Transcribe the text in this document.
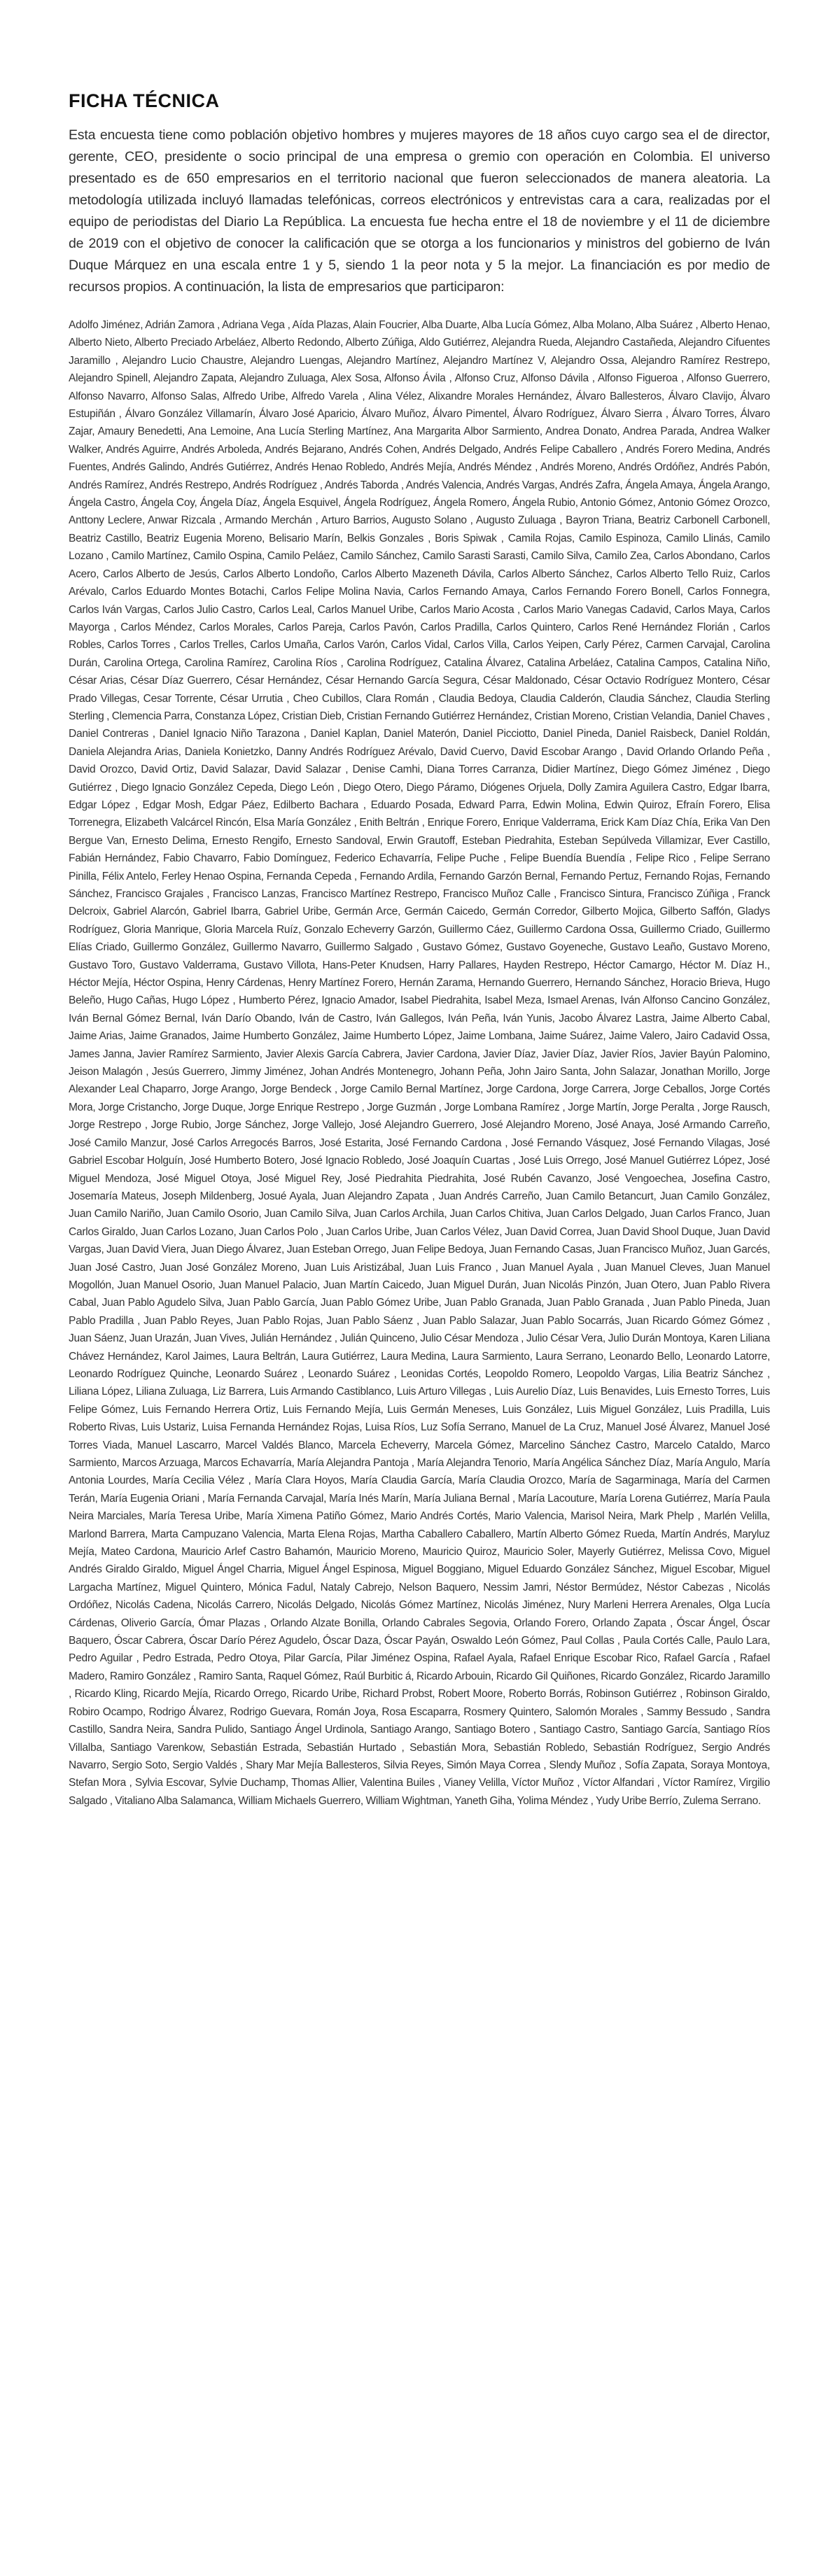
FICHA TÉCNICA

Esta encuesta tiene como población objetivo hombres y mujeres mayores de 18 años cuyo cargo sea el de director, gerente, CEO, presidente o socio principal de una empresa o gremio con operación en Colombia. El universo presentado es de 650 empresarios en el territorio nacional que fueron seleccionados de manera aleatoria. La metodología utilizada incluyó llamadas telefónicas, correos electrónicos y entrevistas cara a cara, realizadas por el equipo de periodistas del Diario La República. La encuesta fue hecha entre el 18 de noviembre y el 11 de diciembre de 2019 con el objetivo de conocer la calificación que se otorga a los funcionarios y ministros del gobierno de Iván Duque Márquez en una escala entre 1 y 5, siendo 1 la peor nota y 5 la mejor. La financiación es por medio de recursos propios. A continuación, la lista de empresarios que participaron:

Adolfo Jiménez, Adrián Zamora , Adriana Vega , Aída Plazas, Alain Foucrier, Alba Duarte, Alba Lucía Gómez, Alba Molano, Alba Suárez , Alberto Henao, Alberto Nieto, Alberto Preciado Arbeláez, Alberto Redondo, Alberto Zúñiga, Aldo Gutiérrez, Alejandra Rueda, Alejandro Castañeda, Alejandro Cifuentes Jaramillo , Alejandro Lucio Chaustre, Alejandro Luengas, Alejandro Martínez, Alejandro Martínez V, Alejandro Ossa, Alejandro Ramírez Restrepo, Alejandro Spinell, Alejandro Zapata, Alejandro Zuluaga, Alex Sosa, Alfonso Ávila , Alfonso Cruz, Alfonso Dávila , Alfonso Figueroa , Alfonso Guerrero, Alfonso Navarro, Alfonso Salas, Alfredo Uribe, Alfredo Varela , Alina Vélez, Alixandre Morales Hernández, Álvaro Ballesteros, Álvaro Clavijo, Álvaro Estupiñán , Álvaro González Villamarín, Álvaro José Aparicio, Álvaro Muñoz, Álvaro Pimentel, Álvaro Rodríguez, Álvaro Sierra , Álvaro Torres, Álvaro Zajar, Amaury Benedetti, Ana Lemoine, Ana Lucía Sterling Martínez, Ana Margarita Albor Sarmiento, Andrea Donato, Andrea Parada, Andrea Walker Walker, Andrés Aguirre, Andrés Arboleda, Andrés Bejarano, Andrés Cohen, Andrés Delgado, Andrés Felipe Caballero , Andrés Forero Medina, Andrés Fuentes, Andrés Galindo, Andrés Gutiérrez, Andrés Henao Robledo, Andrés Mejía, Andrés Méndez , Andrés Moreno, Andrés Ordóñez, Andrés Pabón, Andrés Ramírez, Andrés Restrepo, Andrés Rodríguez , Andrés Taborda , Andrés Valencia, Andrés Vargas, Andrés Zafra, Ángela Amaya, Ángela Arango, Ángela Castro, Ángela Coy, Ángela Díaz, Ángela Esquivel, Ángela Rodríguez, Ángela Romero, Ángela Rubio, Antonio Gómez, Antonio Gómez Orozco, Anttony Leclere, Anwar Rizcala , Armando Merchán , Arturo Barrios, Augusto Solano , Augusto Zuluaga , Bayron Triana, Beatriz Carbonell Carbonell, Beatriz Castillo, Beatriz Eugenia Moreno, Belisario Marín, Belkis Gonzales , Boris Spiwak , Camila Rojas, Camilo Espinoza, Camilo Llinás, Camilo Lozano , Camilo Martínez, Camilo Ospina, Camilo Peláez, Camilo Sánchez, Camilo Sarasti Sarasti, Camilo Silva, Camilo Zea, Carlos Abondano, Carlos Acero, Carlos Alberto de Jesús, Carlos Alberto Londoño, Carlos Alberto Mazeneth Dávila, Carlos Alberto Sánchez, Carlos Alberto Tello Ruiz, Carlos Arévalo, Carlos Eduardo Montes Botachi, Carlos Felipe Molina Navia, Carlos Fernando Amaya, Carlos Fernando Forero Bonell, Carlos Fonnegra, Carlos Iván Vargas, Carlos Julio Castro, Carlos Leal, Carlos Manuel Uribe, Carlos Mario Acosta , Carlos Mario Vanegas Cadavid, Carlos Maya, Carlos Mayorga , Carlos Méndez, Carlos Morales, Carlos Pareja, Carlos Pavón, Carlos Pradilla, Carlos Quintero, Carlos René Hernández Florián , Carlos Robles, Carlos Torres , Carlos Trelles, Carlos Umaña, Carlos Varón, Carlos Vidal, Carlos Villa, Carlos Yeipen, Carly Pérez, Carmen Carvajal, Carolina Durán, Carolina Ortega, Carolina Ramírez, Carolina Ríos , Carolina Rodríguez, Catalina Álvarez, Catalina Arbeláez, Catalina Campos, Catalina Niño, César Arias, César Díaz Guerrero, César Hernández, César Hernando García Segura, César Maldonado, César Octavio Rodríguez Montero, César Prado Villegas, Cesar Torrente, César Urrutia , Cheo Cubillos, Clara Román , Claudia Bedoya, Claudia Calderón, Claudia Sánchez, Claudia Sterling Sterling , Clemencia Parra, Constanza López, Cristian Dieb, Cristian Fernando Gutiérrez Hernández, Cristian Moreno, Cristian Velandia, Daniel Chaves , Daniel Contreras , Daniel Ignacio Niño Tarazona , Daniel Kaplan, Daniel Materón, Daniel Picciotto, Daniel Pineda, Daniel Raisbeck, Daniel Roldán, Daniela Alejandra Arias, Daniela Konietzko, Danny Andrés Rodríguez Arévalo, David Cuervo, David Escobar Arango , David Orlando Orlando Peña , David Orozco, David Ortiz, David Salazar, David Salazar , Denise Camhi, Diana Torres Carranza, Didier Martínez, Diego Gómez Jiménez , Diego Gutiérrez , Diego Ignacio González Cepeda, Diego León , Diego Otero, Diego Páramo, Diógenes Orjuela, Dolly Zamira Aguilera Castro, Edgar Ibarra, Edgar López , Edgar Mosh, Edgar Páez, Edilberto Bachara , Eduardo Posada, Edward Parra, Edwin Molina, Edwin Quiroz, Efraín Forero, Elisa Torrenegra, Elizabeth Valcárcel Rincón, Elsa María González , Enith Beltrán , Enrique Forero, Enrique Valderrama, Erick Kam Díaz Chía, Erika Van Den Bergue Van, Ernesto Delima, Ernesto Rengifo, Ernesto Sandoval, Erwin Grautoff, Esteban Piedrahita, Esteban Sepúlveda Villamizar, Ever Castillo, Fabián Hernández, Fabio Chavarro, Fabio Domínguez, Federico Echavarría, Felipe Puche , Felipe Buendía Buendía , Felipe Rico , Felipe Serrano Pinilla, Félix Antelo, Ferley Henao Ospina, Fernanda Cepeda , Fernando Ardila, Fernando Garzón Bernal, Fernando Pertuz, Fernando Rojas, Fernando Sánchez, Francisco Grajales , Francisco Lanzas, Francisco Martínez Restrepo, Francisco Muñoz Calle , Francisco Sintura, Francisco Zúñiga , Franck Delcroix, Gabriel Alarcón, Gabriel Ibarra, Gabriel Uribe, Germán Arce, Germán Caicedo, Germán Corredor, Gilberto Mojica, Gilberto Saffón, Gladys Rodríguez, Gloria Manrique, Gloria Marcela Ruíz, Gonzalo Echeverry Garzón, Guillermo Cáez, Guillermo Cardona Ossa, Guillermo Criado, Guillermo Elías Criado, Guillermo González, Guillermo Navarro, Guillermo Salgado , Gustavo Gómez, Gustavo Goyeneche, Gustavo Leaño, Gustavo Moreno, Gustavo Toro, Gustavo Valderrama, Gustavo Villota, Hans-Peter Knudsen, Harry Pallares, Hayden Restrepo, Héctor Camargo, Héctor M. Díaz H., Héctor Mejía, Héctor Ospina, Henry Cárdenas, Henry Martínez Forero, Hernán Zarama, Hernando Guerrero, Hernando Sánchez, Horacio Brieva, Hugo Beleño, Hugo Cañas, Hugo López , Humberto Pérez, Ignacio Amador, Isabel Piedrahita, Isabel Meza, Ismael Arenas, Iván Alfonso Cancino González, Iván Bernal Gómez Bernal, Iván Darío Obando, Iván de Castro, Iván Gallegos, Iván Peña, Iván Yunis, Jacobo Álvarez Lastra, Jaime Alberto Cabal, Jaime Arias, Jaime Granados, Jaime Humberto González, Jaime Humberto López, Jaime Lombana, Jaime Suárez, Jaime Valero, Jairo Cadavid Ossa, James Janna, Javier Ramírez Sarmiento, Javier Alexis García Cabrera, Javier Cardona, Javier Díaz, Javier Díaz, Javier Ríos, Javier Bayún Palomino, Jeison Malagón , Jesús Guerrero, Jimmy Jiménez, Johan Andrés Montenegro, Johann Peña, John Jairo Santa, John Salazar, Jonathan Morillo, Jorge Alexander Leal Chaparro, Jorge Arango, Jorge Bendeck , Jorge Camilo Bernal Martínez, Jorge Cardona, Jorge Carrera, Jorge Ceballos, Jorge Cortés Mora, Jorge Cristancho, Jorge Duque, Jorge Enrique Restrepo , Jorge Guzmán , Jorge Lombana Ramírez , Jorge Martín, Jorge Peralta , Jorge Rausch, Jorge Restrepo , Jorge Rubio, Jorge Sánchez, Jorge Vallejo, José Alejandro Guerrero, José Alejandro Moreno, José Anaya, José Armando Carreño, José Camilo Manzur, José Carlos Arregocés Barros, José Estarita, José Fernando Cardona , José Fernando Vásquez, José Fernando Vilagas, José Gabriel Escobar Holguín, José Humberto Botero, José Ignacio Robledo, José Joaquín Cuartas , José Luis Orrego, José Manuel Gutiérrez López, José Miguel Mendoza, José Miguel Otoya, José Miguel Rey, José Piedrahita Piedrahita, José Rubén Cavanzo, José Vengoechea, Josefina Castro, Josemaría Mateus, Joseph Mildenberg, Josué Ayala, Juan Alejandro Zapata , Juan Andrés Carreño, Juan Camilo Betancurt, Juan Camilo González, Juan Camilo Nariño, Juan Camilo Osorio, Juan Camilo Silva, Juan Carlos Archila, Juan Carlos Chitiva, Juan Carlos Delgado, Juan Carlos Franco, Juan Carlos Giraldo, Juan Carlos Lozano, Juan Carlos Polo , Juan Carlos Uribe, Juan Carlos Vélez, Juan David Correa, Juan David Shool Duque, Juan David Vargas, Juan David Viera, Juan Diego Álvarez, Juan Esteban Orrego, Juan Felipe Bedoya, Juan Fernando Casas, Juan Francisco Muñoz, Juan Garcés, Juan José Castro, Juan José González Moreno, Juan Luis Aristizábal, Juan Luis Franco , Juan Manuel Ayala , Juan Manuel Cleves, Juan Manuel Mogollón, Juan Manuel Osorio, Juan Manuel Palacio, Juan Martín Caicedo, Juan Miguel Durán, Juan Nicolás Pinzón, Juan Otero, Juan Pablo Rivera Cabal, Juan Pablo Agudelo Silva, Juan Pablo García, Juan Pablo Gómez Uribe, Juan Pablo Granada, Juan Pablo Granada , Juan Pablo Pineda, Juan Pablo Pradilla , Juan Pablo Reyes, Juan Pablo Rojas, Juan Pablo Sáenz , Juan Pablo Salazar, Juan Pablo Socarrás, Juan Ricardo Gómez Gómez , Juan Sáenz, Juan Urazán, Juan Vives, Julián Hernández , Julián Quinceno, Julio César Mendoza , Julio César Vera, Julio Durán Montoya, Karen Liliana Chávez Hernández, Karol Jaimes, Laura Beltrán, Laura Gutiérrez, Laura Medina, Laura Sarmiento, Laura Serrano, Leonardo Bello, Leonardo Latorre, Leonardo Rodríguez Quinche, Leonardo Suárez , Leonardo Suárez , Leonidas Cortés, Leopoldo Romero, Leopoldo Vargas, Lilia Beatriz Sánchez , Liliana López, Liliana Zuluaga, Liz Barrera, Luis Armando Castiblanco, Luis Arturo Villegas , Luis Aurelio Díaz, Luis Benavides, Luis Ernesto Torres, Luis Felipe Gómez, Luis Fernando Herrera Ortiz, Luis Fernando Mejía, Luis Germán Meneses, Luis González, Luis Miguel González, Luis Pradilla, Luis Roberto Rivas, Luis Ustariz, Luisa Fernanda Hernández Rojas, Luisa Ríos, Luz Sofía Serrano, Manuel de La Cruz, Manuel José Álvarez, Manuel José Torres Viada, Manuel Lascarro, Marcel Valdés Blanco, Marcela Echeverry, Marcela Gómez, Marcelino Sánchez Castro, Marcelo Cataldo, Marco Sarmiento, Marcos Arzuaga, Marcos Echavarría, María Alejandra Pantoja , María Alejandra Tenorio, María Angélica Sánchez Díaz, María Angulo, María Antonia Lourdes, María Cecilia Vélez , María Clara Hoyos, María Claudia García, María Claudia Orozco, María de Sagarminaga, María del Carmen Terán, María Eugenia Oriani , María Fernanda Carvajal, María Inés Marín, María Juliana Bernal , María Lacouture, María Lorena Gutiérrez, María Paula Neira Marciales, María Teresa Uribe, María Ximena Patiño Gómez, Mario Andrés Cortés, Mario Valencia, Marisol Neira, Mark Phelp , Marlén Velilla, Marlond Barrera, Marta Campuzano Valencia, Marta Elena Rojas, Martha Caballero Caballero, Martín Alberto Gómez Rueda, Martín Andrés, Maryluz Mejía, Mateo Cardona, Mauricio Arlef Castro Bahamón, Mauricio Moreno, Mauricio Quiroz, Mauricio Soler, Mayerly Gutiérrez, Melissa Covo, Miguel Andrés Giraldo Giraldo, Miguel Ángel Charria, Miguel Ángel Espinosa, Miguel Boggiano, Miguel Eduardo González Sánchez, Miguel Escobar, Miguel Largacha Martínez, Miguel Quintero, Mónica Fadul, Nataly Cabrejo, Nelson Baquero, Nessim Jamri, Néstor Bermúdez, Néstor Cabezas , Nicolás Ordóñez, Nicolás Cadena, Nicolás Carrero, Nicolás Delgado, Nicolás Gómez Martínez, Nicolás Jiménez, Nury Marleni Herrera Arenales, Olga Lucía Cárdenas, Oliverio García, Ómar Plazas , Orlando Alzate Bonilla, Orlando Cabrales Segovia, Orlando Forero, Orlando Zapata , Óscar Ángel, Óscar Baquero, Óscar Cabrera, Óscar Darío Pérez Agudelo, Óscar Daza, Óscar Payán, Oswaldo León Gómez, Paul Collas , Paula Cortés Calle, Paulo Lara, Pedro Aguilar , Pedro Estrada, Pedro Otoya, Pilar García, Pilar Jiménez Ospina, Rafael Ayala, Rafael Enrique Escobar Rico, Rafael García , Rafael Madero, Ramiro González , Ramiro Santa, Raquel Gómez, Raúl Burbitic á, Ricardo Arbouin, Ricardo Gil Quiñones, Ricardo González, Ricardo Jaramillo , Ricardo Kling, Ricardo Mejía, Ricardo Orrego, Ricardo Uribe, Richard Probst, Robert Moore, Roberto Borrás, Robinson Gutiérrez , Robinson Giraldo, Robiro Ocampo, Rodrigo Álvarez, Rodrigo Guevara, Román Joya, Rosa Escaparra, Rosmery Quintero, Salomón Morales , Sammy Bessudo , Sandra Castillo, Sandra Neira, Sandra Pulido, Santiago Ángel Urdinola, Santiago Arango, Santiago Botero , Santiago Castro, Santiago García, Santiago Ríos Villalba, Santiago Varenkow, Sebastián Estrada, Sebastián Hurtado , Sebastián Mora, Sebastián Robledo, Sebastián Rodríguez, Sergio Andrés Navarro, Sergio Soto, Sergio Valdés , Shary Mar Mejía Ballesteros, Silvia Reyes, Simón Maya Correa , Slendy Muñoz , Sofía Zapata, Soraya Montoya, Stefan Mora , Sylvia Escovar, Sylvie Duchamp, Thomas Allier, Valentina Builes , Vianey Velilla, Víctor Muñoz , Víctor Alfandari , Víctor Ramírez, Virgilio Salgado , Vitaliano Alba Salamanca, William Michaels Guerrero, William Wightman, Yaneth Giha, Yolima Méndez , Yudy Uribe Berrío, Zulema Serrano.
